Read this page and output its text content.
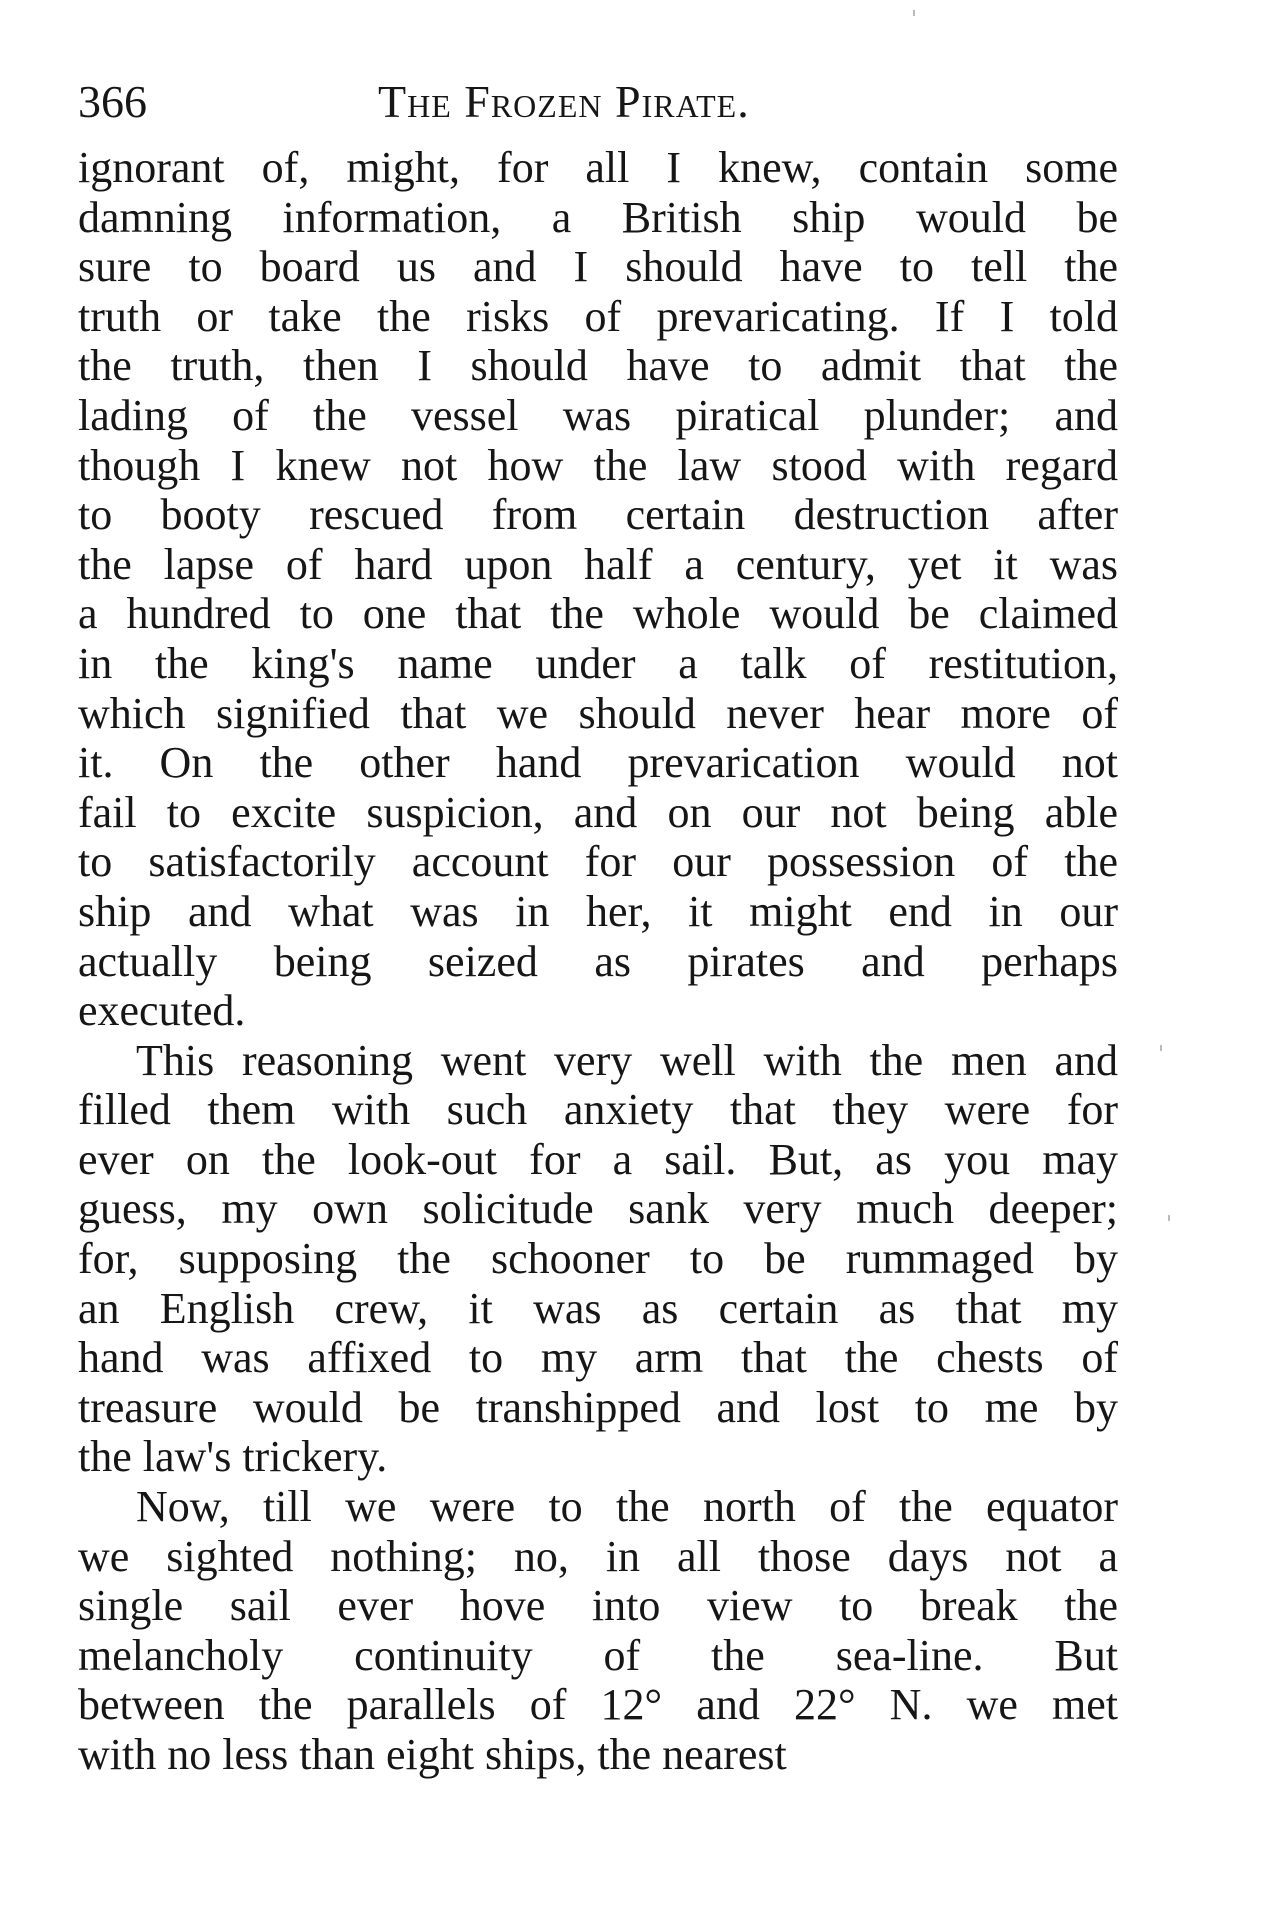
366	The Frozen Pirate.
ignorant of, might, for all I knew, contain some
damning information, a British ship would be
sure to board us and I should have to tell the
truth or take the risks of prevaricating. If I told
the truth, then I should have to admit that the
lading of the vessel was piratical plunder; and
though I knew not how the law stood with regard
to booty rescued from certain destruction after
the lapse of hard upon half a century, yet it was
a hundred to one that the whole would be claimed
in the king's name under a talk of restitution,
which signified that we should never hear more of
it. On the other hand prevarication would not
fail to excite suspicion, and on our not being able
to satisfactorily account for our possession of the
ship and what was in her, it might end in our
actually being seized as pirates and perhaps
executed.
This reasoning went very well with the men and
filled them with such anxiety that they were for
ever on the look-out for a sail. But, as you may
guess, my own solicitude sank very much deeper;
for, supposing the schooner to be rummaged by
an English crew, it was as certain as that my
hand was affixed to my arm that the chests of
treasure would be transhipped and lost to me by
the law's trickery.
Now, till we were to the north of the equator
we sighted nothing; no, in all those days not a
single sail ever hove into view to break the
melancholy continuity of the sea-line. But
between the parallels of 12° and 22° N. we met
with no less than eight ships, the nearest
